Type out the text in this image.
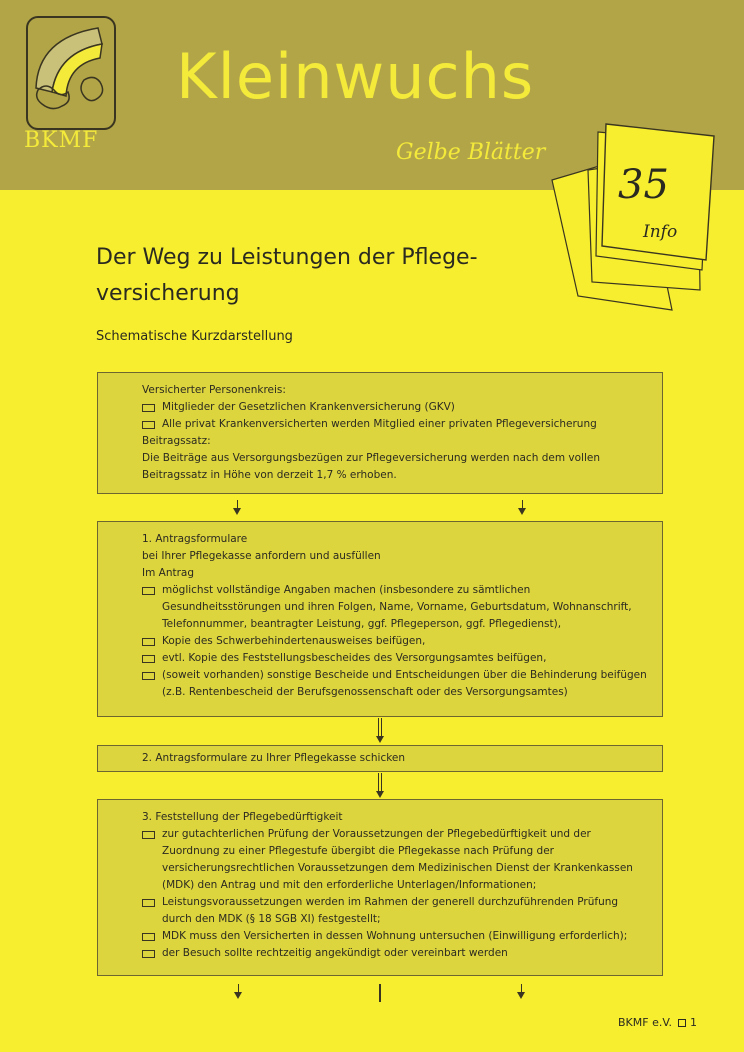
BKMF
Kleinwuchs
Gelbe Blätter
35
Info
Der Weg zu Leistungen der Pflege-versicherung
Schematische Kurzdarstellung

Versicherter Personenkreis:

Mitglieder der Gesetzlichen Krankenversicherung (GKV)

Alle privat Krankenversicherten werden Mitglied einer privaten Pflegeversicherung

Beitragssatz:

Die Beiträge aus Versorgungsbezügen zur Pflegeversicherung werden nach dem vollen Beitragssatz in Höhe von derzeit 1,7 % erhoben.

1. Antragsformulare

bei Ihrer Pflegekasse anfordern und ausfüllen

Im Antrag

möglichst vollständige Angaben machen (insbesondere zu sämtlichen Gesundheitsstörungen und ihren Folgen, Name, Vorname, Geburtsdatum, Wohnanschrift, Telefonnummer, beantragter Leistung, ggf. Pflegeperson, ggf. Pflegedienst),

Kopie des Schwerbehindertenausweises beifügen,

evtl. Kopie des Feststellungsbescheides des Versorgungsamtes beifügen,

(soweit vorhanden) sonstige Bescheide und Entscheidungen über die Behinderung beifügen (z.B. Rentenbescheid der Berufsgenossenschaft oder des Versorgungsamtes)

2. Antragsformulare zu Ihrer Pflegekasse schicken

3. Feststellung der Pflegebedürftigkeit

zur gutachterlichen Prüfung der Voraussetzungen der Pflegebedürftigkeit und der Zuordnung zu einer Pflegestufe übergibt die Pflegekasse nach Prüfung der versicherungsrechtlichen Voraussetzungen dem Medizinischen Dienst der Krankenkassen (MDK) den Antrag und mit den erforderliche Unterlagen/Informationen;

Leistungsvoraussetzungen werden im Rahmen der generell durchzuführenden Prüfung durch den MDK (§ 18 SGB XI) festgestellt;

MDK muss den Versicherten in dessen Wohnung untersuchen (Einwilligung erforderlich);

der Besuch sollte rechtzeitig angekündigt oder vereinbart werden

BKMF e.V. 1
